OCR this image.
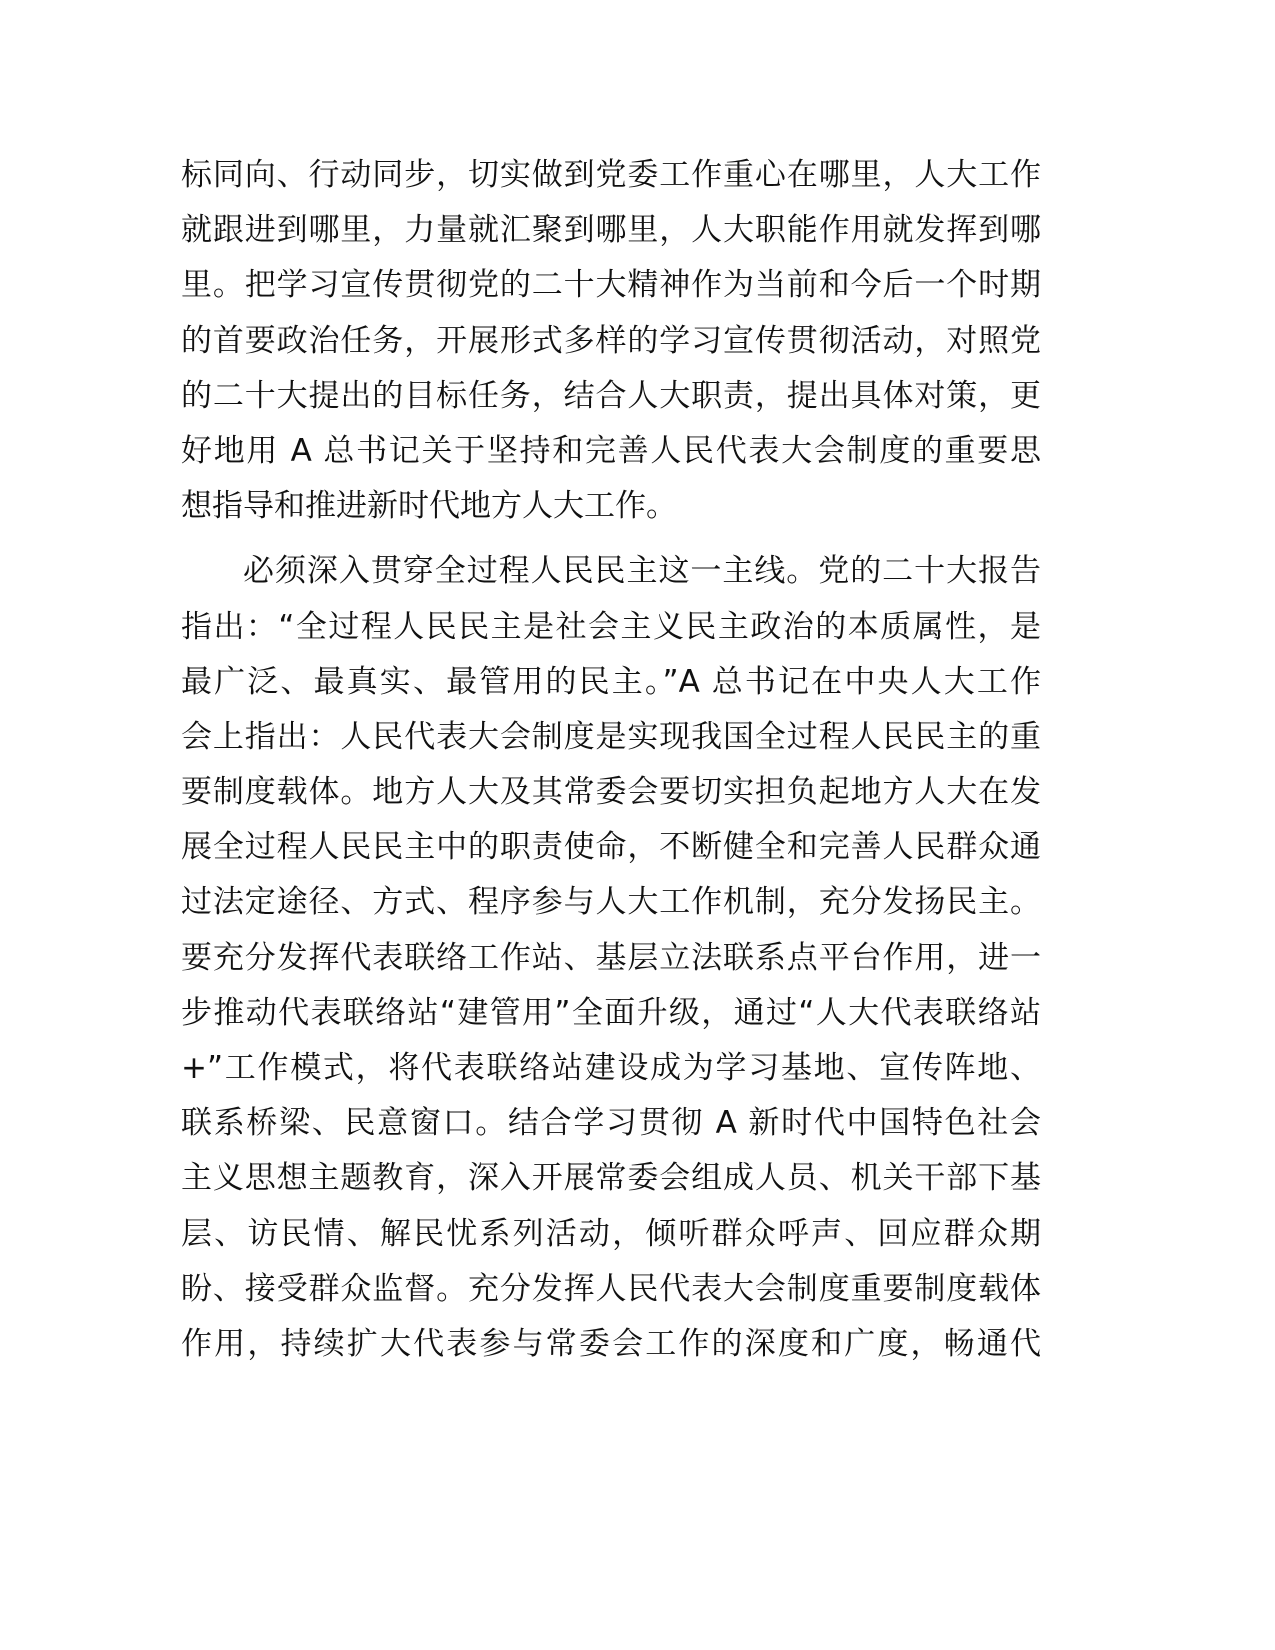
标同向、行动同步，切实做到党委工作重心在哪里，人大工作
就跟进到哪里，力量就汇聚到哪里，人大职能作用就发挥到哪
里。把学习宣传贯彻党的二十大精神作为当前和今后一个时期
的首要政治任务，开展形式多样的学习宣传贯彻活动，对照党
的二十大提出的目标任务，结合人大职责，提出具体对策，更
好地用 A 总书记关于坚持和完善人民代表大会制度的重要思
想指导和推进新时代地方人大工作。
必须深入贯穿全过程人民民主这一主线。党的二十大报告
指出：“全过程人民民主是社会主义民主政治的本质属性，是
最广泛、最真实、最管用的民主。”A 总书记在中央人大工作
会上指出：人民代表大会制度是实现我国全过程人民民主的重
要制度载体。地方人大及其常委会要切实担负起地方人大在发
展全过程人民民主中的职责使命，不断健全和完善人民群众通
过法定途径、方式、程序参与人大工作机制，充分发扬民主。
要充分发挥代表联络工作站、基层立法联系点平台作用，进一
步推动代表联络站“建管用”全面升级，通过“人大代表联络站
+”工作模式，将代表联络站建设成为学习基地、宣传阵地、
联系桥梁、民意窗口。结合学习贯彻 A 新时代中国特色社会
主义思想主题教育，深入开展常委会组成人员、机关干部下基
层、访民情、解民忧系列活动，倾听群众呼声、回应群众期
盼、接受群众监督。充分发挥人民代表大会制度重要制度载体
作用，持续扩大代表参与常委会工作的深度和广度，畅通代
